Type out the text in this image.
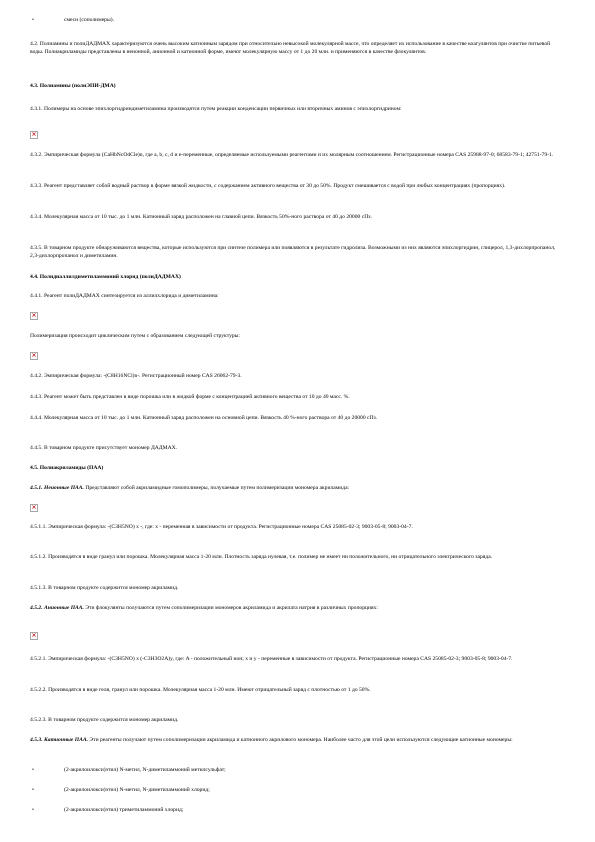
•	смеси (сополимеры).
4.2. Полиамины и полиДАДМАХ характеризуются очень высоким катионным зарядом при относительно невысокой молекулярной массе, что определяет их использование в качестве коагулянтов при очистке питьевой воды. Полиакриламиды представлены в неионной, анионной и катионной форме, имеют молекулярную массу от 1 до 20 млн. и применяются в качестве флокулянтов.
4.3. Полиамины (полиЭПИ-ДМА)
4.3.1. Полимеры на основе эпихлоргидриндиметиламина производятся путем реакции конденсации первичных или вторичных аминов с эпихлоргидрином:
×
4.3.2. Эмпирическая формула (CaHbNcOdCle)n, где a, b, c, d и e-переменные, определяемые используемыми реагентами и их молярным соотношением. Регистрационные номера CAS 25988-97-0; 68583-79-1; 42751-79-1.
4.3.3. Реагент представляет собой водный раствор в форме вязкой жидкости, с содержанием активного вещества от 30 до 50%. Продукт смешивается с водой при любых концентрациях (пропорциях).
4.3.4. Молекулярная масса от 10 тыс. до 1 млн. Катионный заряд расположен на главной цепи. Вязкость 50%-ного раствора от 40 до 20000 сПз.
4.3.5. В товарном продукте обнаруживаются вещества, которые используются при синтезе полимера или появляются в результате гидролиза. Возможными из них являются эпихлоргидрин, глицерол, 1,3-дихлорпропанол, 2,3-дихлорпропанол и диметиламин.
4.4. Полидиаллилдиметиламмоний хлорид (полиДАДМАХ)
4.4.1. Реагент полиДАДМАХ синтезируется из аллилхлорида и диметиламина:
×
Полимеризация происходит циклическим путем с образованием следующей структуры:
×
4.4.2. Эмпирическая формула: -(C8H16NCl)n-. Регистрационный номер CAS 26062-79-3.
4.4.3. Реагент может быть представлен в виде порошка или в жидкой форме с концентрацией активного вещества от 10 до 40 масс. %.
4.4.4. Молекулярная масса от 10 тыс. до 1 млн. Катионный заряд расположен на основной цепи. Вязкость 40 %-ного раствора от 40 до 20000 сПз.
4.4.5. В товарном продукте присутствует мономер ДАДМАХ.
4.5. Полиакриламиды (ПАА)
4.5.1. Неионные ПАА. Представляют собой акриламидные гомополимеры, получаемые путем полимеризации мономера акриламида:
×
4.5.1.1. Эмпирическая формула: -(C3H5NO) x -, где: x - переменная в зависимости от продукта. Регистрационные номера CAS 25085-02-3; 9003-05-8; 9003-04-7.
4.5.1.2. Производятся в виде гранул или порошка. Молекулярная масса 1-20 млн. Плотность заряда нулевая, т.е. полимер не имеет ни положительного, ни отрицательного электрического заряда.
4.5.1.3. В товарном продукте содержится мономер акриламид.
4.5.2. Анионные ПАА. Эти флокулянты получаются путем сополимеризации мономеров акриламида и акрилата натрия в различных пропорциях:
×
4.5.2.1. Эмпирическая формула: -(C3H5NO) x (-C3H3O2A)y, где: A - положительный ион; x и y - переменные в зависимости от продукта. Регистрационные номера CAS 25085-02-3; 9003-05-8; 9003-04-7.
4.5.2.2. Производятся в виде геля, гранул или порошка. Молекулярная масса 1-20 млн. Имеют отрицательный заряд с плотностью от 1 до 50%.
4.5.2.3. В товарном продукте содержится мономер акриламид.
4.5.3. Катионные ПАА. Эти реагенты получают путем сополимеризации акриламида и катионного акрилового мономера. Наиболее часто для этой цели используются следующие катионные мономеры:
•	(2-акрилоилокси)этил) N-метил, N-диметиламмоний метилсульфат;
•	(2-акрилоилокси)этил) N-метил, N-диметиламмоний хлорид;
•	(2-акрилоилокси)этил) триметиламмоний хлорид;
